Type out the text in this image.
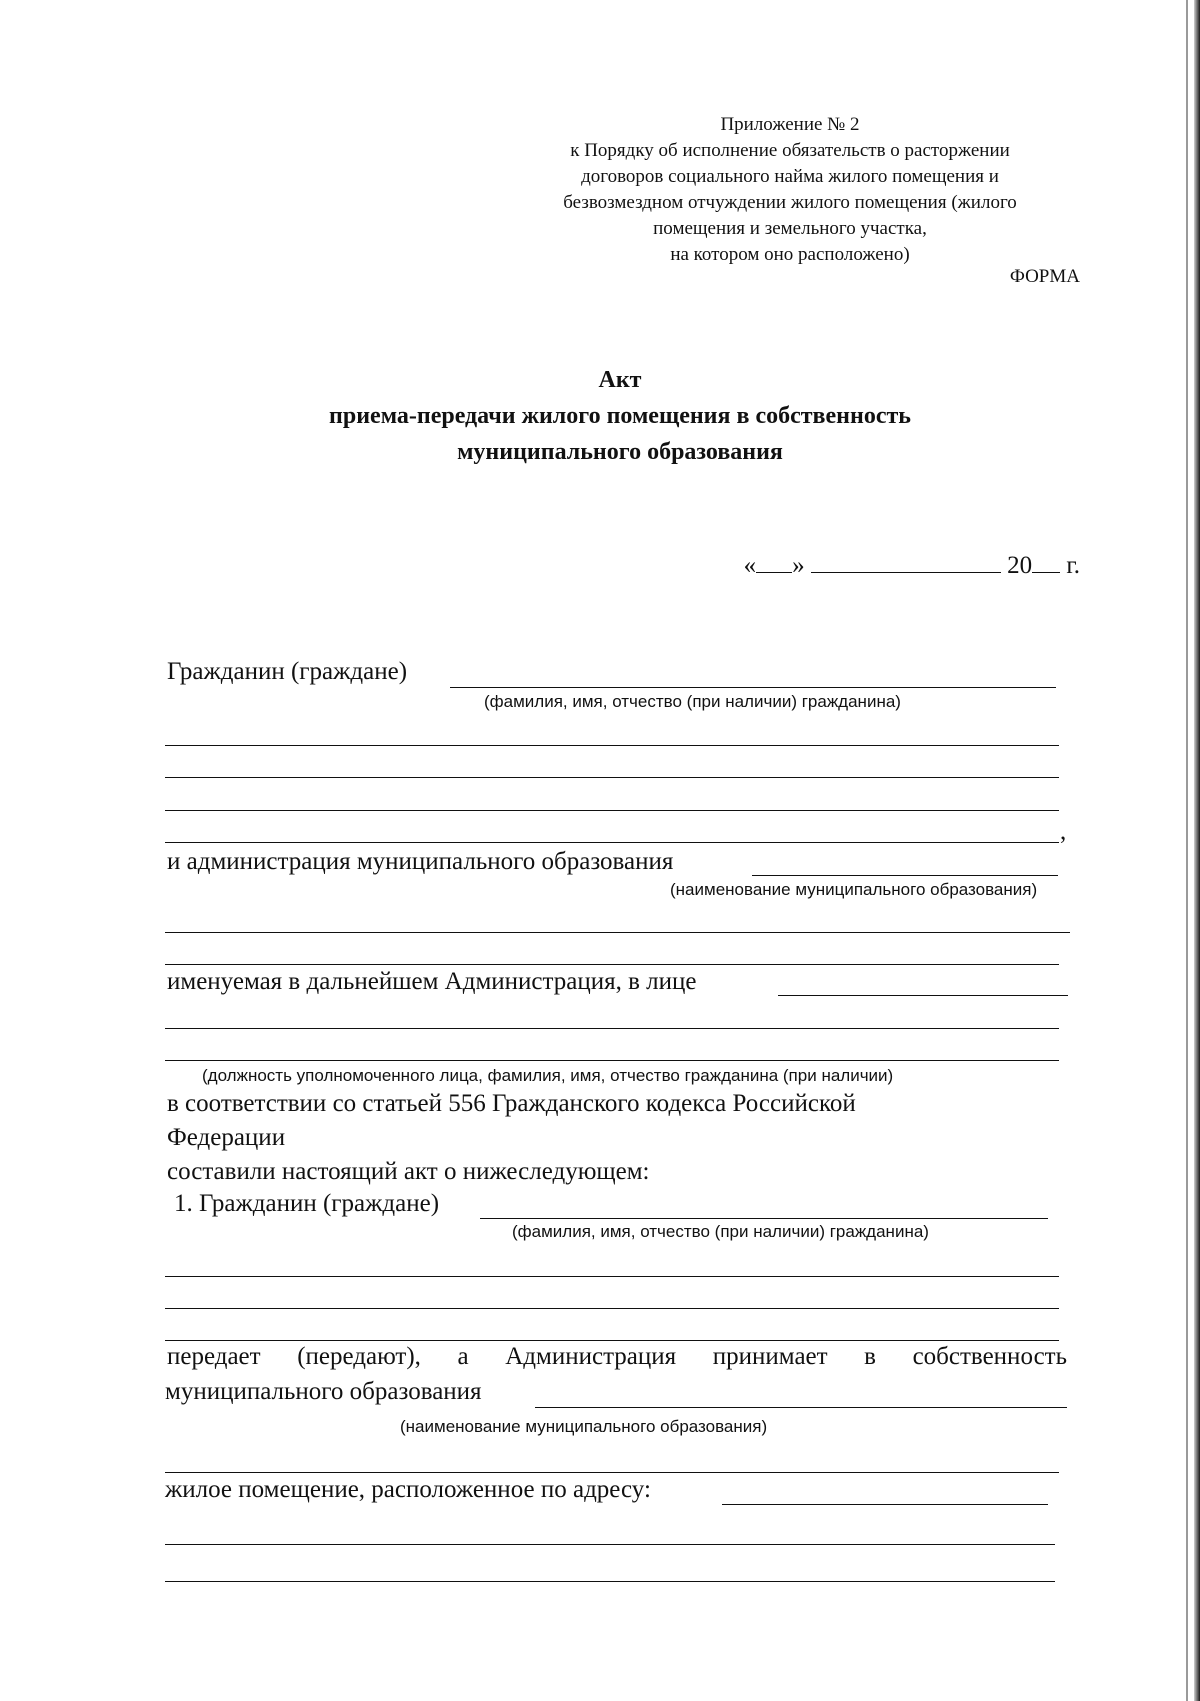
Приложение № 2
к Порядку об исполнение обязательств о расторжении
договоров социального найма жилого помещения и
безвозмездном отчуждении жилого помещения (жилого
помещения и земельного участка,
на котором оно расположено)
ФОРМА
Акт
приема-передачи жилого помещения в собственность
муниципального образования
« »	20 г.
Гражданин (граждане)
(фамилия, имя, отчество (при наличии) гражданина)
,
и администрация муниципального образования
(наименование муниципального образования)
именуемая в дальнейшем Администрация, в лице
(должность уполномоченного лица, фамилия, имя, отчество гражданина (при наличии)
в соответствии со статьей 556 Гражданского кодекса Российской
Федерации
составили настоящий акт о нижеследующем:
1. Гражданин (граждане)
(фамилия, имя, отчество (при наличии) гражданина)
передает (передают), а Администрация принимает в собственность
муниципального образования
(наименование муниципального образования)
жилое помещение, расположенное по адресу:
